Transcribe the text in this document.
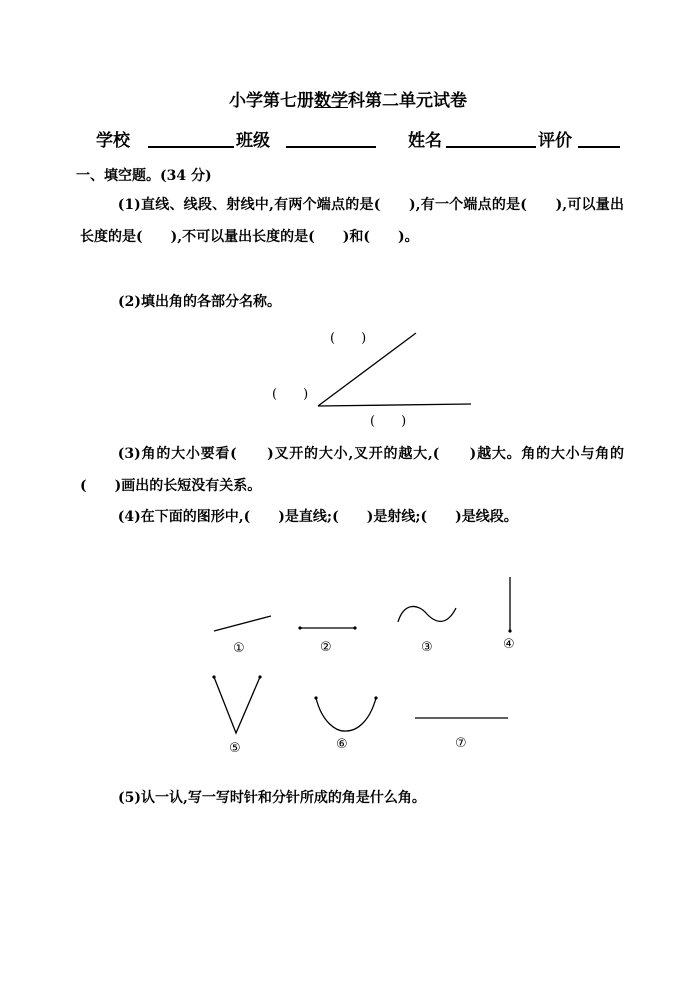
小学第七册数学科第二单元试卷
学校	班级	姓名	评价
一、填空题。(34 分)
(1)直线、线段、射线中,有两个端点的是(　　),有一个端点的是(　　),可以量出长度的是(　　),不可以量出长度的是(　　)和(　　)。
(2)填出角的各部分名称。
(　　)
(　　)
(　　)
①	②	③	④
⑤	⑥	⑦
(3)角的大小要看(　　)叉开的大小,叉开的越大,(　　)越大。角的大小与角的(　　)画出的长短没有关系。
(4)在下面的图形中,(　　)是直线;(　　)是射线;(　　)是线段。
(5)认一认,写一写时针和分针所成的角是什么角。
